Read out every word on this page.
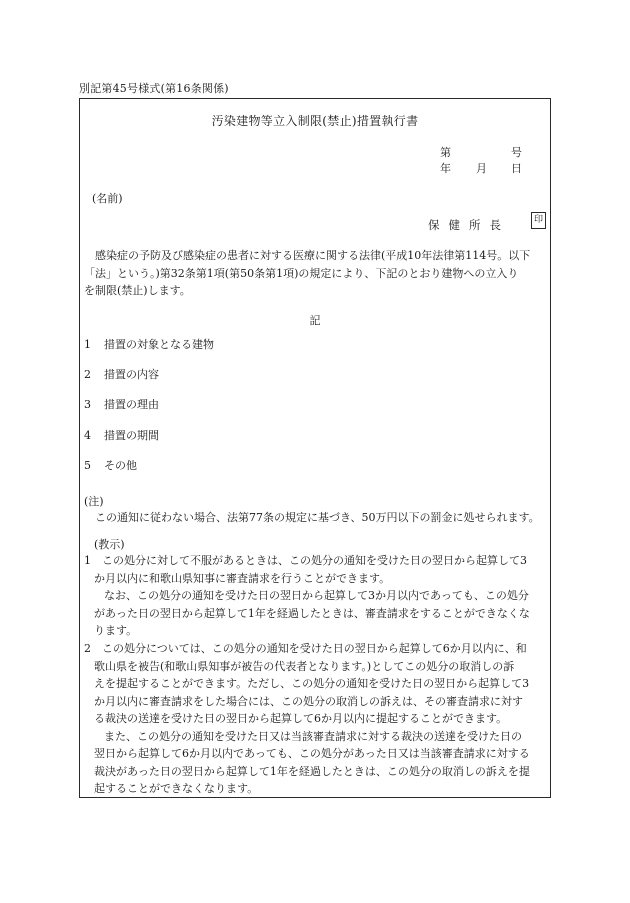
別記第45号様式(第16条関係)
汚染建物等立入制限(禁止)措置執行書
第	号
年 月 日
(名前)
保健所長	印
感染症の予防及び感染症の患者に対する医療に関する法律(平成10年法律第114号。以下
「法」という。)第32条第1項(第50条第1項)の規定により、下記のとおり建物への立入り
を制限(禁止)します。
記
1 措置の対象となる建物
2 措置の内容
3 措置の理由
4 措置の期間
5 その他
(注)
この通知に従わない場合、法第77条の規定に基づき、50万円以下の罰金に処せられます。
(教示)
1　この処分に対して不服があるときは、この処分の通知を受けた日の翌日から起算して3
か月以内に和歌山県知事に審査請求を行うことができます。
なお、この処分の通知を受けた日の翌日から起算して3か月以内であっても、この処分
があった日の翌日から起算して1年を経過したときは、審査請求をすることができなくな
ります。
2　この処分については、この処分の通知を受けた日の翌日から起算して6か月以内に、和
歌山県を被告(和歌山県知事が被告の代表者となります。)としてこの処分の取消しの訴
えを提起することができます。ただし、この処分の通知を受けた日の翌日から起算して3
か月以内に審査請求をした場合には、この処分の取消しの訴えは、その審査請求に対す
る裁決の送達を受けた日の翌日から起算して6か月以内に提起することができます。
また、この処分の通知を受けた日又は当該審査請求に対する裁決の送達を受けた日の
翌日から起算して6か月以内であっても、この処分があった日又は当該審査請求に対する
裁決があった日の翌日から起算して1年を経過したときは、この処分の取消しの訴えを提
起することができなくなります。
